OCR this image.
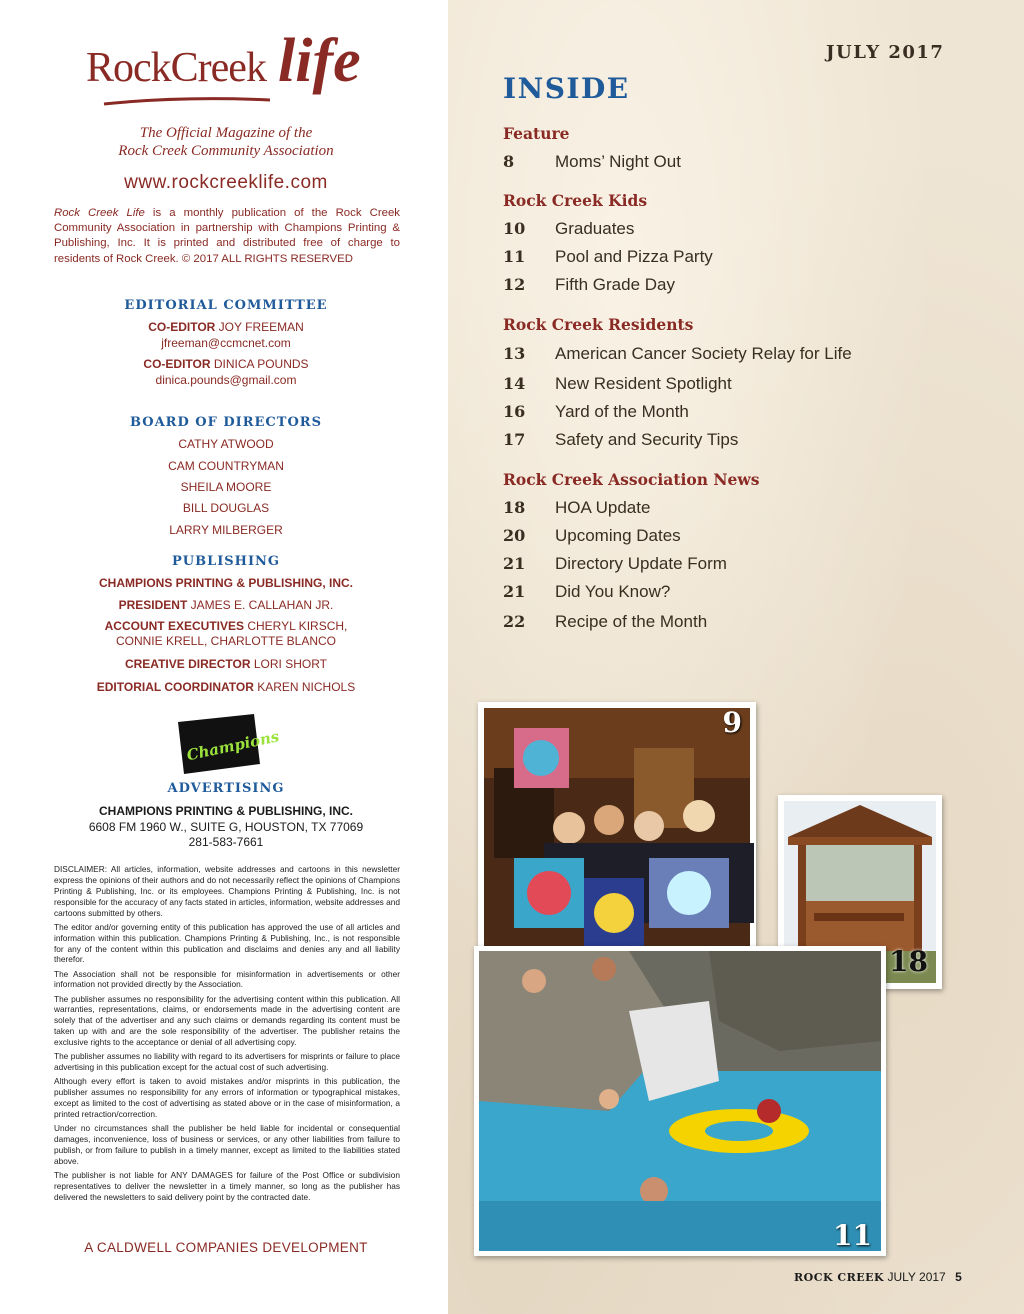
RockCreek life
The Official Magazine of the
Rock Creek Community Association
www.rockcreeklife.com
Rock Creek Life is a monthly publication of the Rock Creek Community Association in partnership with Champions Printing & Publishing, Inc. It is printed and distributed free of charge to residents of Rock Creek. © 2017 ALL RIGHTS RESERVED
EDITORIAL COMMITTEE
CO-EDITOR JOY FREEMAN
jfreeman@ccmcnet.com
CO-EDITOR DINICA POUNDS
dinica.pounds@gmail.com
BOARD OF DIRECTORS
CATHY ATWOOD
CAM COUNTRYMAN
SHEILA MOORE
BILL DOUGLAS
LARRY MILBERGER
PUBLISHING
CHAMPIONS PRINTING & PUBLISHING, INC.
PRESIDENT JAMES E. CALLAHAN JR.
ACCOUNT EXECUTIVES CHERYL KIRSCH,
CONNIE KRELL, CHARLOTTE BLANCO
CREATIVE DIRECTOR LORI SHORT
EDITORIAL COORDINATOR KAREN NICHOLS
Champions
ADVERTISING
CHAMPIONS PRINTING & PUBLISHING, INC.
6608 FM 1960 W., SUITE G, HOUSTON, TX 77069
281-583-7661

DISCLAIMER: All articles, information, website addresses and cartoons in this newsletter express the opinions of their authors and do not necessarily reflect the opinions of Champions Printing & Publishing, Inc. or its employees. Champions Printing & Publishing, Inc. is not responsible for the accuracy of any facts stated in articles, information, website addresses and cartoons submitted by others.

The editor and/or governing entity of this publication has approved the use of all articles and information within this publication. Champions Printing & Publishing, Inc., is not responsible for any of the content within this publication and disclaims and denies any and all liability therefor.

The Association shall not be responsible for misinformation in advertisements or other information not provided directly by the Association.

The publisher assumes no responsibility for the advertising content within this publication. All warranties, representations, claims, or endorsements made in the advertising content are solely that of the advertiser and any such claims or demands regarding its content must be taken up with and are the sole responsibility of the advertiser. The publisher retains the exclusive rights to the acceptance or denial of all advertising copy.

The publisher assumes no liability with regard to its advertisers for misprints or failure to place advertising in this publication except for the actual cost of such advertising.

Although every effort is taken to avoid mistakes and/or misprints in this publication, the publisher assumes no responsibility for any errors of information or typographical mistakes, except as limited to the cost of advertising as stated above or in the case of misinformation, a printed retraction/correction.

Under no circumstances shall the publisher be held liable for incidental or consequential damages, inconvenience, loss of business or services, or any other liabilities from failure to publish, or from failure to publish in a timely manner, except as limited to the liabilities stated above.

The publisher is not liable for ANY DAMAGES for failure of the Post Office or subdivision representatives to deliver the newsletter in a timely manner, so long as the publisher has delivered the newsletters to said delivery point by the contracted date.

A CALDWELL COMPANIES DEVELOPMENT
JULY 2017
INSIDE
Feature
8 Moms’ Night Out
Rock Creek Kids
10 Graduates
11 Pool and Pizza Party
12 Fifth Grade Day
Rock Creek Residents
13 American Cancer Society Relay for Life
14 New Resident Spotlight
16 Yard of the Month
17 Safety and Security Tips
Rock Creek Association News
18 HOA Update
20 Upcoming Dates
21 Directory Update Form
21 Did You Know?
22 Recipe of the Month
9
18
11
ROCK CREEK JULY 2017 5
